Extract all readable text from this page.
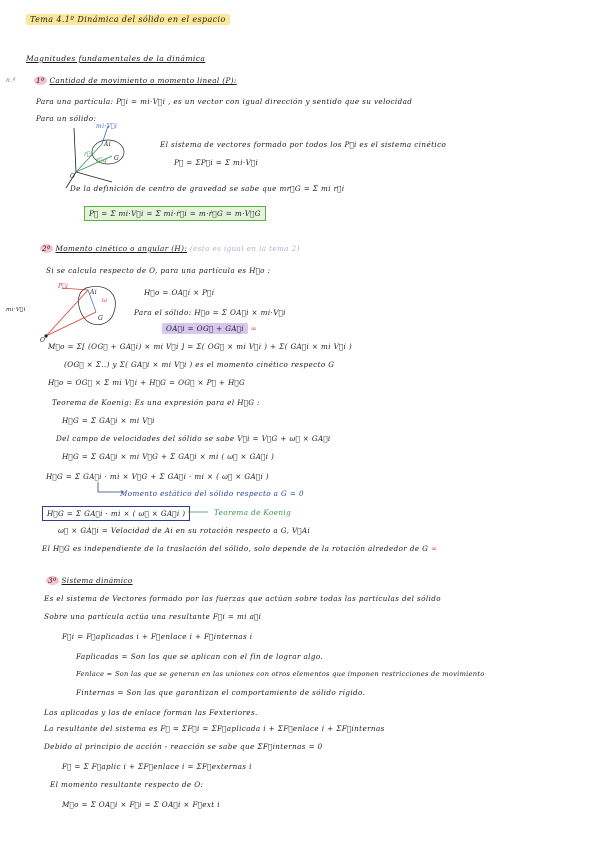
Tema 4.1º Dinámica del sólido en el espacio
Magnitudes fundamentales de la dinámica
n.º	1º Cantidad de movimiento o momento lineal (P):
Para una partícula: P⃗i = mi·V⃗i , es un vector con igual dirección y sentido que su velocidad
Para un sólido:
mi·V⃗i
r⃗i
r⃗g
Ai
G
O
El sistema de vectores formado por todos los P⃗i es el sistema cinético
P⃗ = ΣP⃗i = Σ mi·V⃗i
De la definición de centro de gravedad se sabe que mr⃗G = Σ mi r⃗i
P⃗ = Σ mi·V⃗i = Σ mi·ṙ⃗i = m·ṙ⃗G = m·V⃗G
2º Momento cinético o angular (H): (esto es igual en la tema 2)
Si se calcula respecto de O, para una partícula es H⃗o :
P⃗i
Ai
G
O
mi·V⃗i
ω
H⃗o = OA⃗i × P⃗i
Para el sólido: H⃗o = Σ OA⃗i × mi·V⃗i
OA⃗i = OG⃗ + GA⃗i ∞
M⃗o = Σ[ (OG⃗ + GA⃗i) × mi V⃗i ] = Σ( OG⃗ × mi V⃗i ) + Σ( GA⃗i × mi V⃗i )
(OG⃗ × Σ..) y Σ( GA⃗i × mi V⃗i ) es el momento cinético respecto G
H⃗o = OG⃗ × Σ mi V⃗i + H⃗G = OG⃗ × P⃗ + H⃗G
Teorema de Koenig: Es una expresión para el H⃗G :
H⃗G = Σ GA⃗i × mi V⃗i
Del campo de velocidades del sólido se sabe V⃗i = V⃗G + ω⃗ × GA⃗i
H⃗G = Σ GA⃗i × mi V⃗G + Σ GA⃗i × mi ( ω⃗ × GA⃗i )
H⃗G = Σ GA⃗i · mi × V⃗G + Σ GA⃗i · mi × ( ω⃗ × GA⃗i )
Momento estático del sólido respecto a G = 0
H⃗G = Σ GA⃗i · mi × ( ω⃗ × GA⃗i )	Teorema de Koenig
ω⃗ × GA⃗i = Velocidad de Ai en su rotación respecto a G, V⃗Ai
El H⃗G es independiente de la traslación del sólido, solo depende de la rotación alrededor de G ∞
3º Sistema dinámico
Es el sistema de Vectores formado por las fuerzas que actúan sobre todas las partículas del sólido
Sobre una partícula actúa una resultante F⃗i = mi a⃗i
F⃗i = F⃗aplicadas i + F⃗enlace i + F⃗internas i
Faplicadas = Son las que se aplican con el fin de lograr algo.
Fenlace = Son las que se generan en las uniones con otros elementos que imponen restricciones de movimiento
Finternas = Son las que garantizan el comportamiento de sólido rígido.
Las aplicadas y las de enlace forman las Fexteriores.
La resultante del sistema es F⃗ = ΣF⃗i = ΣF⃗aplicada i + ΣF⃗enlace i + ΣF⃗internas
Debido al principio de acción - reacción se sabe que ΣF⃗internas = 0
F⃗ = Σ F⃗aplic i + ΣF⃗enlace i = ΣF⃗externas i
El momento resultante respecto de O:
M⃗o = Σ OA⃗i × F⃗i = Σ OA⃗i × F⃗ext i
